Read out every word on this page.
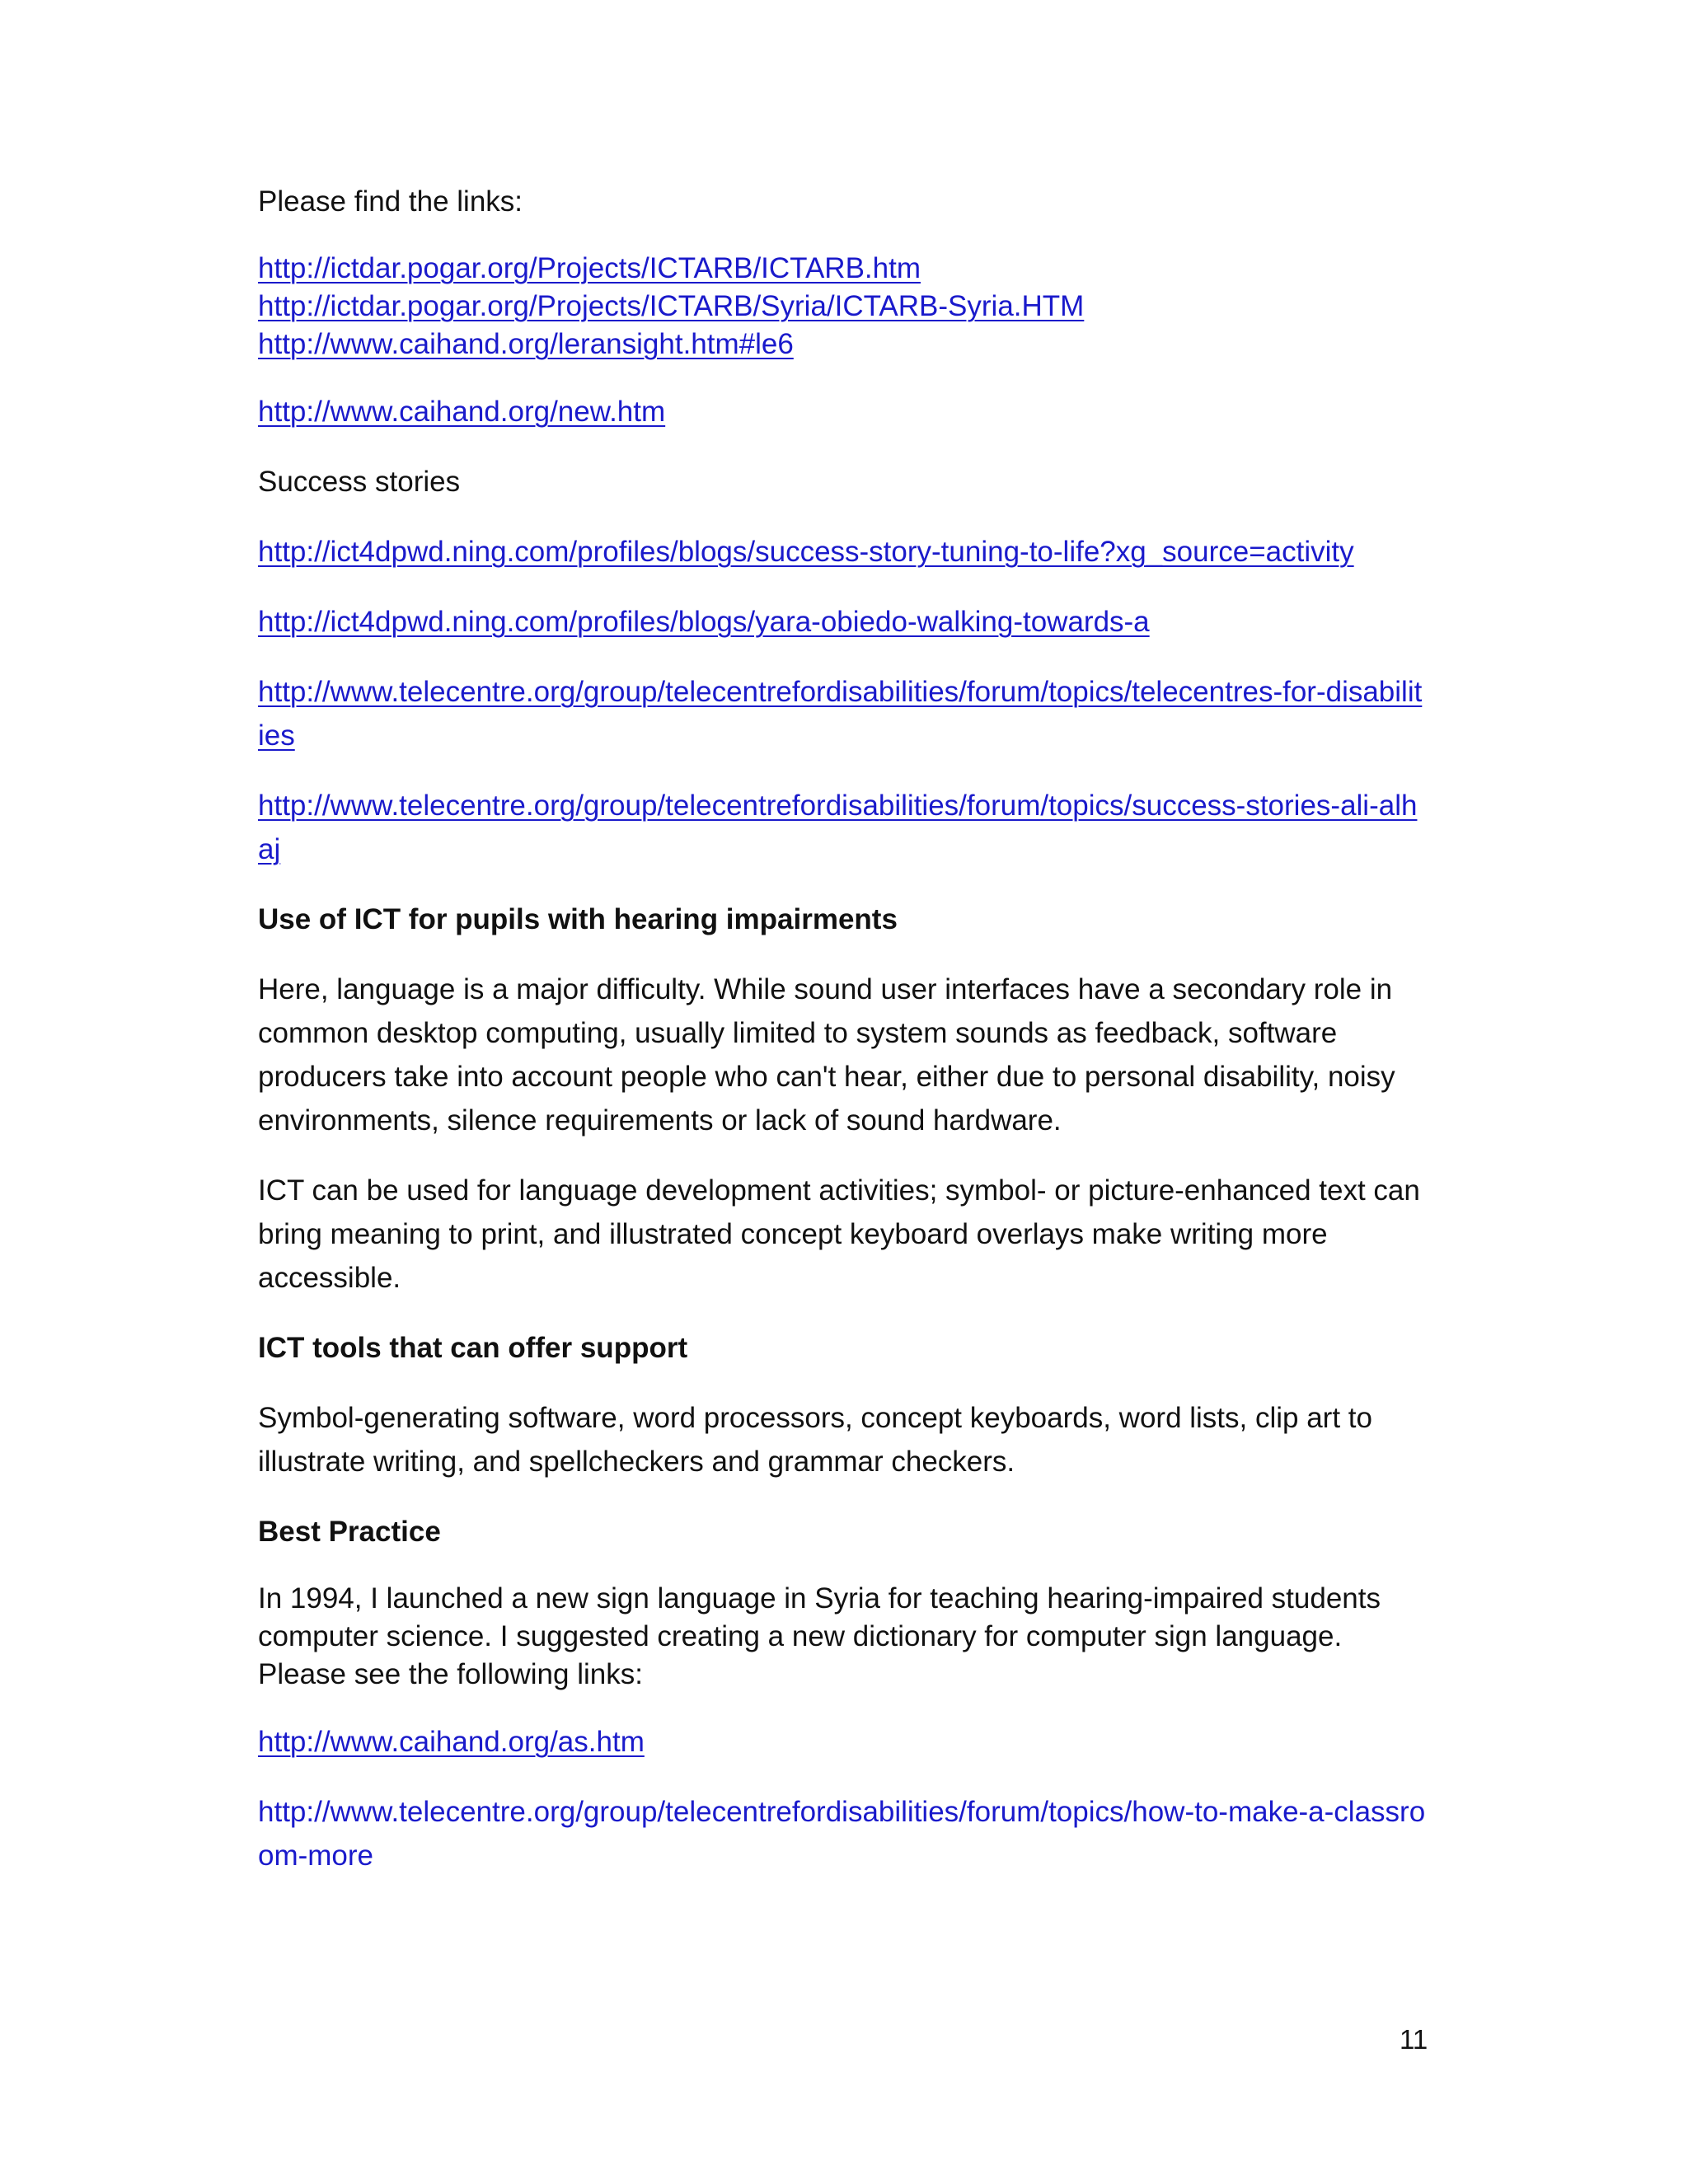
Please find the links:

http://ictdar.pogar.org/Projects/ICTARB/ICTARB.htm
http://ictdar.pogar.org/Projects/ICTARB/Syria/ICTARB-Syria.HTM
http://www.caihand.org/leransight.htm#le6

http://www.caihand.org/new.htm

Success stories

http://ict4dpwd.ning.com/profiles/blogs/success-story-tuning-to-life?xg_source=activity

http://ict4dpwd.ning.com/profiles/blogs/yara-obiedo-walking-towards-a

http://www.telecentre.org/group/telecentrefordisabilities/forum/topics/telecentres-for-disabilities

http://www.telecentre.org/group/telecentrefordisabilities/forum/topics/success-stories-ali-alhaj

Use of ICT for pupils with hearing impairments

Here, language is a major difficulty. While sound user interfaces have a secondary role in common desktop computing, usually limited to system sounds as feedback, software producers take into account people who can't hear, either due to personal disability, noisy environments, silence requirements or lack of sound hardware.

ICT can be used for language development activities; symbol- or picture-enhanced text can bring meaning to print, and illustrated concept keyboard overlays make writing more accessible.

ICT tools that can offer support

Symbol-generating software, word processors, concept keyboards, word lists, clip art to illustrate writing, and spellcheckers and grammar checkers.

Best Practice

In 1994, I launched a new sign language in Syria for teaching hearing-impaired students
computer science. I suggested creating a new dictionary for computer sign language.
Please see the following links:

http://www.caihand.org/as.htm

http://www.telecentre.org/group/telecentrefordisabilities/forum/topics/how-to-make-a-classroom-more

11
